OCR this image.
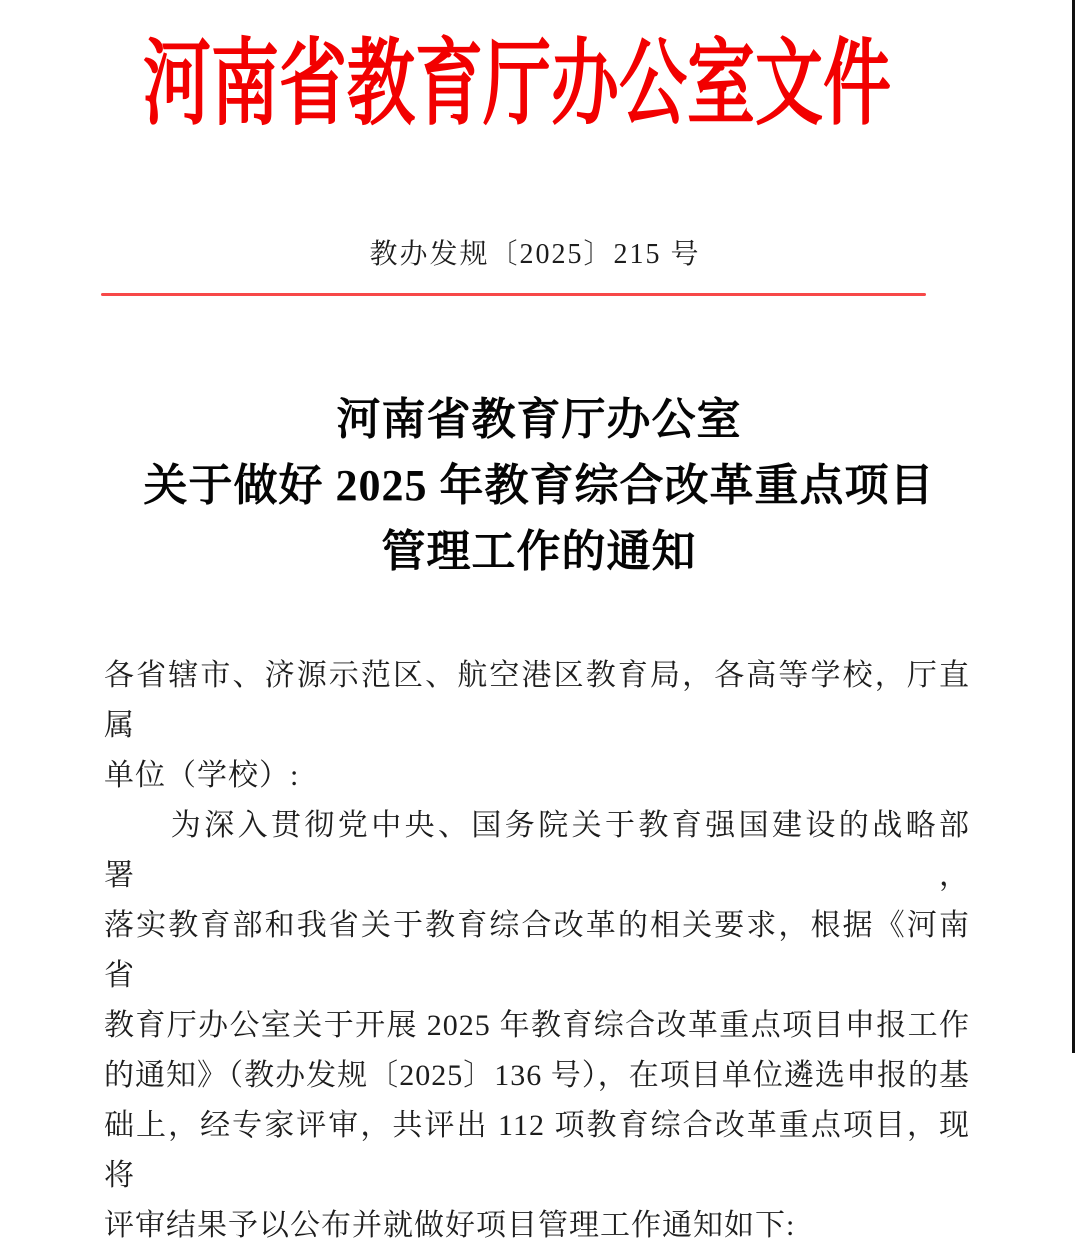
河南省教育厅办公室文件
教办发规〔2025〕215 号
河南省教育厅办公室
关于做好 2025 年教育综合改革重点项目
管理工作的通知
各省辖市、济源示范区、航空港区教育局，各高等学校，厅直属
单位（学校）:
　　为深入贯彻党中央、国务院关于教育强国建设的战略部署，
落实教育部和我省关于教育综合改革的相关要求，根据《河南省
教育厅办公室关于开展 2025 年教育综合改革重点项目申报工作
的通知》（教办发规〔2025〕136 号），在项目单位遴选申报的基
础上，经专家评审，共评出 112 项教育综合改革重点项目，现将
评审结果予以公布并就做好项目管理工作通知如下:
